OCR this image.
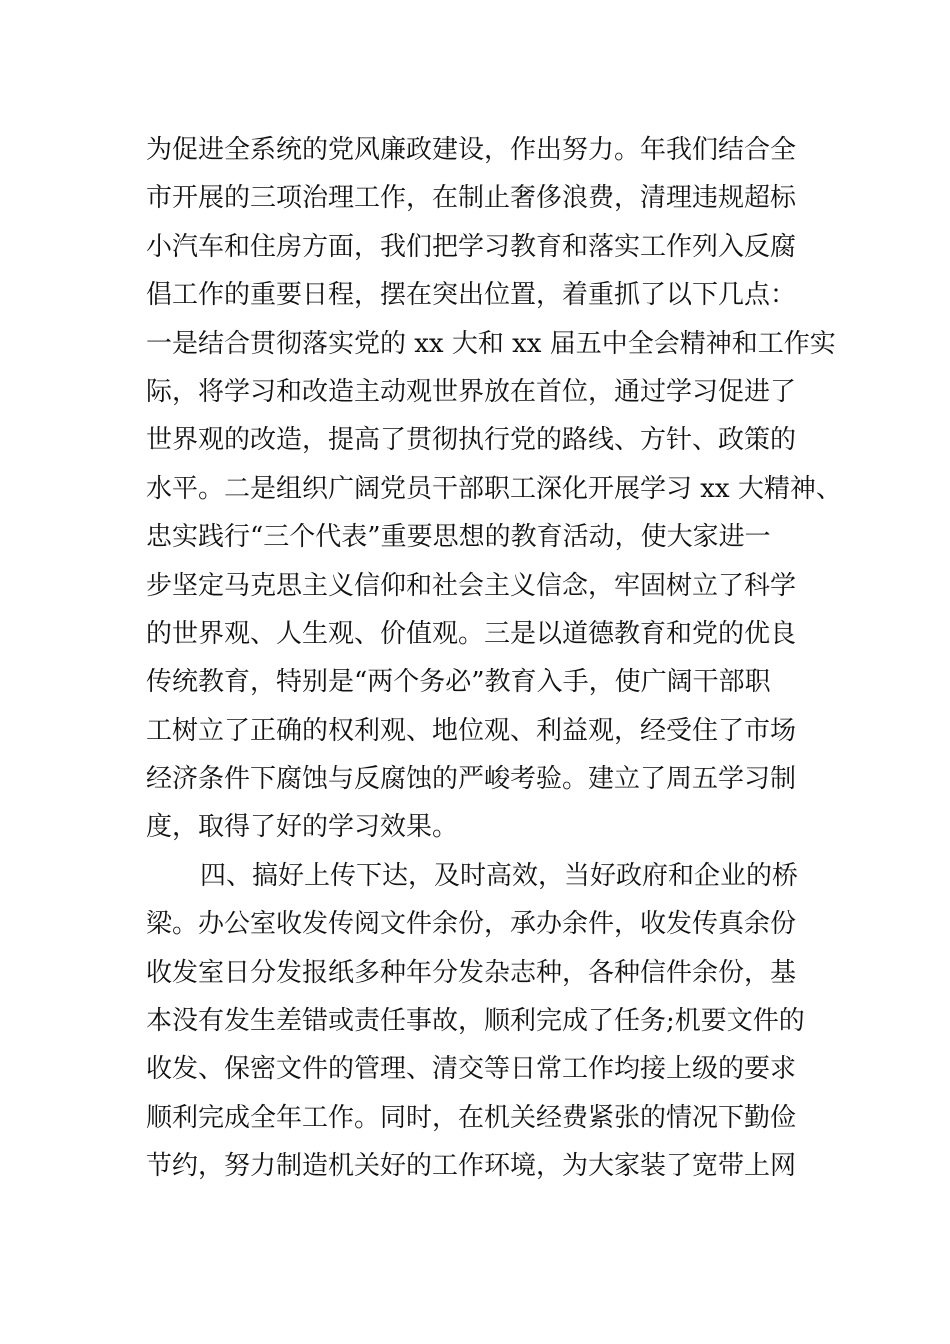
为促进全系统的党风廉政建设，作出努力。年我们结合全
市开展的三项治理工作，在制止奢侈浪费，清理违规超标
小汽车和住房方面，我们把学习教育和落实工作列入反腐
倡工作的重要日程，摆在突出位置，着重抓了以下几点：
一是结合贯彻落实党的 xx 大和 xx 届五中全会精神和工作实
际，将学习和改造主动观世界放在首位，通过学习促进了
世界观的改造，提高了贯彻执行党的路线、方针、政策的
水平。二是组织广阔党员干部职工深化开展学习 xx 大精神、
忠实践行“三个代表”重要思想的教育活动，使大家进一
步坚定马克思主义信仰和社会主义信念，牢固树立了科学
的世界观、人生观、价值观。三是以道德教育和党的优良
传统教育，特别是“两个务必”教育入手，使广阔干部职
工树立了正确的权利观、地位观、利益观，经受住了市场
经济条件下腐蚀与反腐蚀的严峻考验。建立了周五学习制
度，取得了好的学习效果。
四、搞好上传下达，及时高效，当好政府和企业的桥
梁。办公室收发传阅文件余份，承办余件，收发传真余份
收发室日分发报纸多种年分发杂志种，各种信件余份，基
本没有发生差错或责任事故，顺利完成了任务;机要文件的
收发、保密文件的管理、清交等日常工作均接上级的要求
顺利完成全年工作。同时，在机关经费紧张的情况下勤俭
节约，努力制造机关好的工作环境，为大家装了宽带上网
